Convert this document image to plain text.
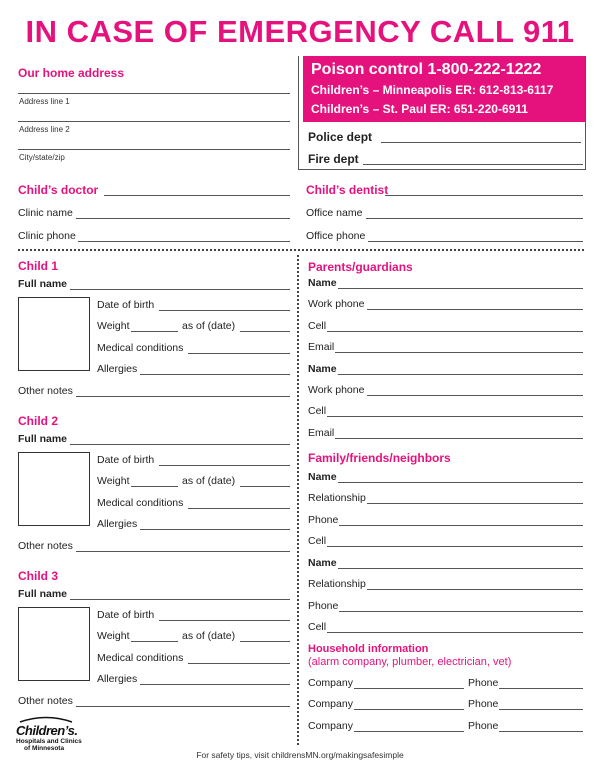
IN CASE OF EMERGENCY CALL 911
Our home address
Address line 1
Address line 2
City/state/zip
Poison control 1-800-222-1222
Children’s – Minneapolis ER: 612-813-6117
Children’s – St. Paul ER: 651-220-6911
Police dept
Fire dept
Child’s doctor
Clinic name
Clinic phone
Child’s dentist
Office name
Office phone
Child 1
Full name
Date of birth
Weight	as of (date)
Medical conditions
Allergies
Other notes
Child 2
Full name
Date of birth
Weight	as of (date)
Medical conditions
Allergies
Other notes
Child 3
Full name
Date of birth
Weight	as of (date)
Medical conditions
Allergies
Other notes
Parents/guardians
Name
Work phone
Cell
Email
Name
Work phone
Cell
Email
Family/friends/neighbors
Name
Relationship
Phone
Cell
Name
Relationship
Phone
Cell
Household information
(alarm company, plumber, electrician, vet)
Company	Phone
Company	Phone
Company	Phone
Children’s.
Hospitals and Clinics
of Minnesota
For safety tips, visit childrensMN.org/makingsafesimple
